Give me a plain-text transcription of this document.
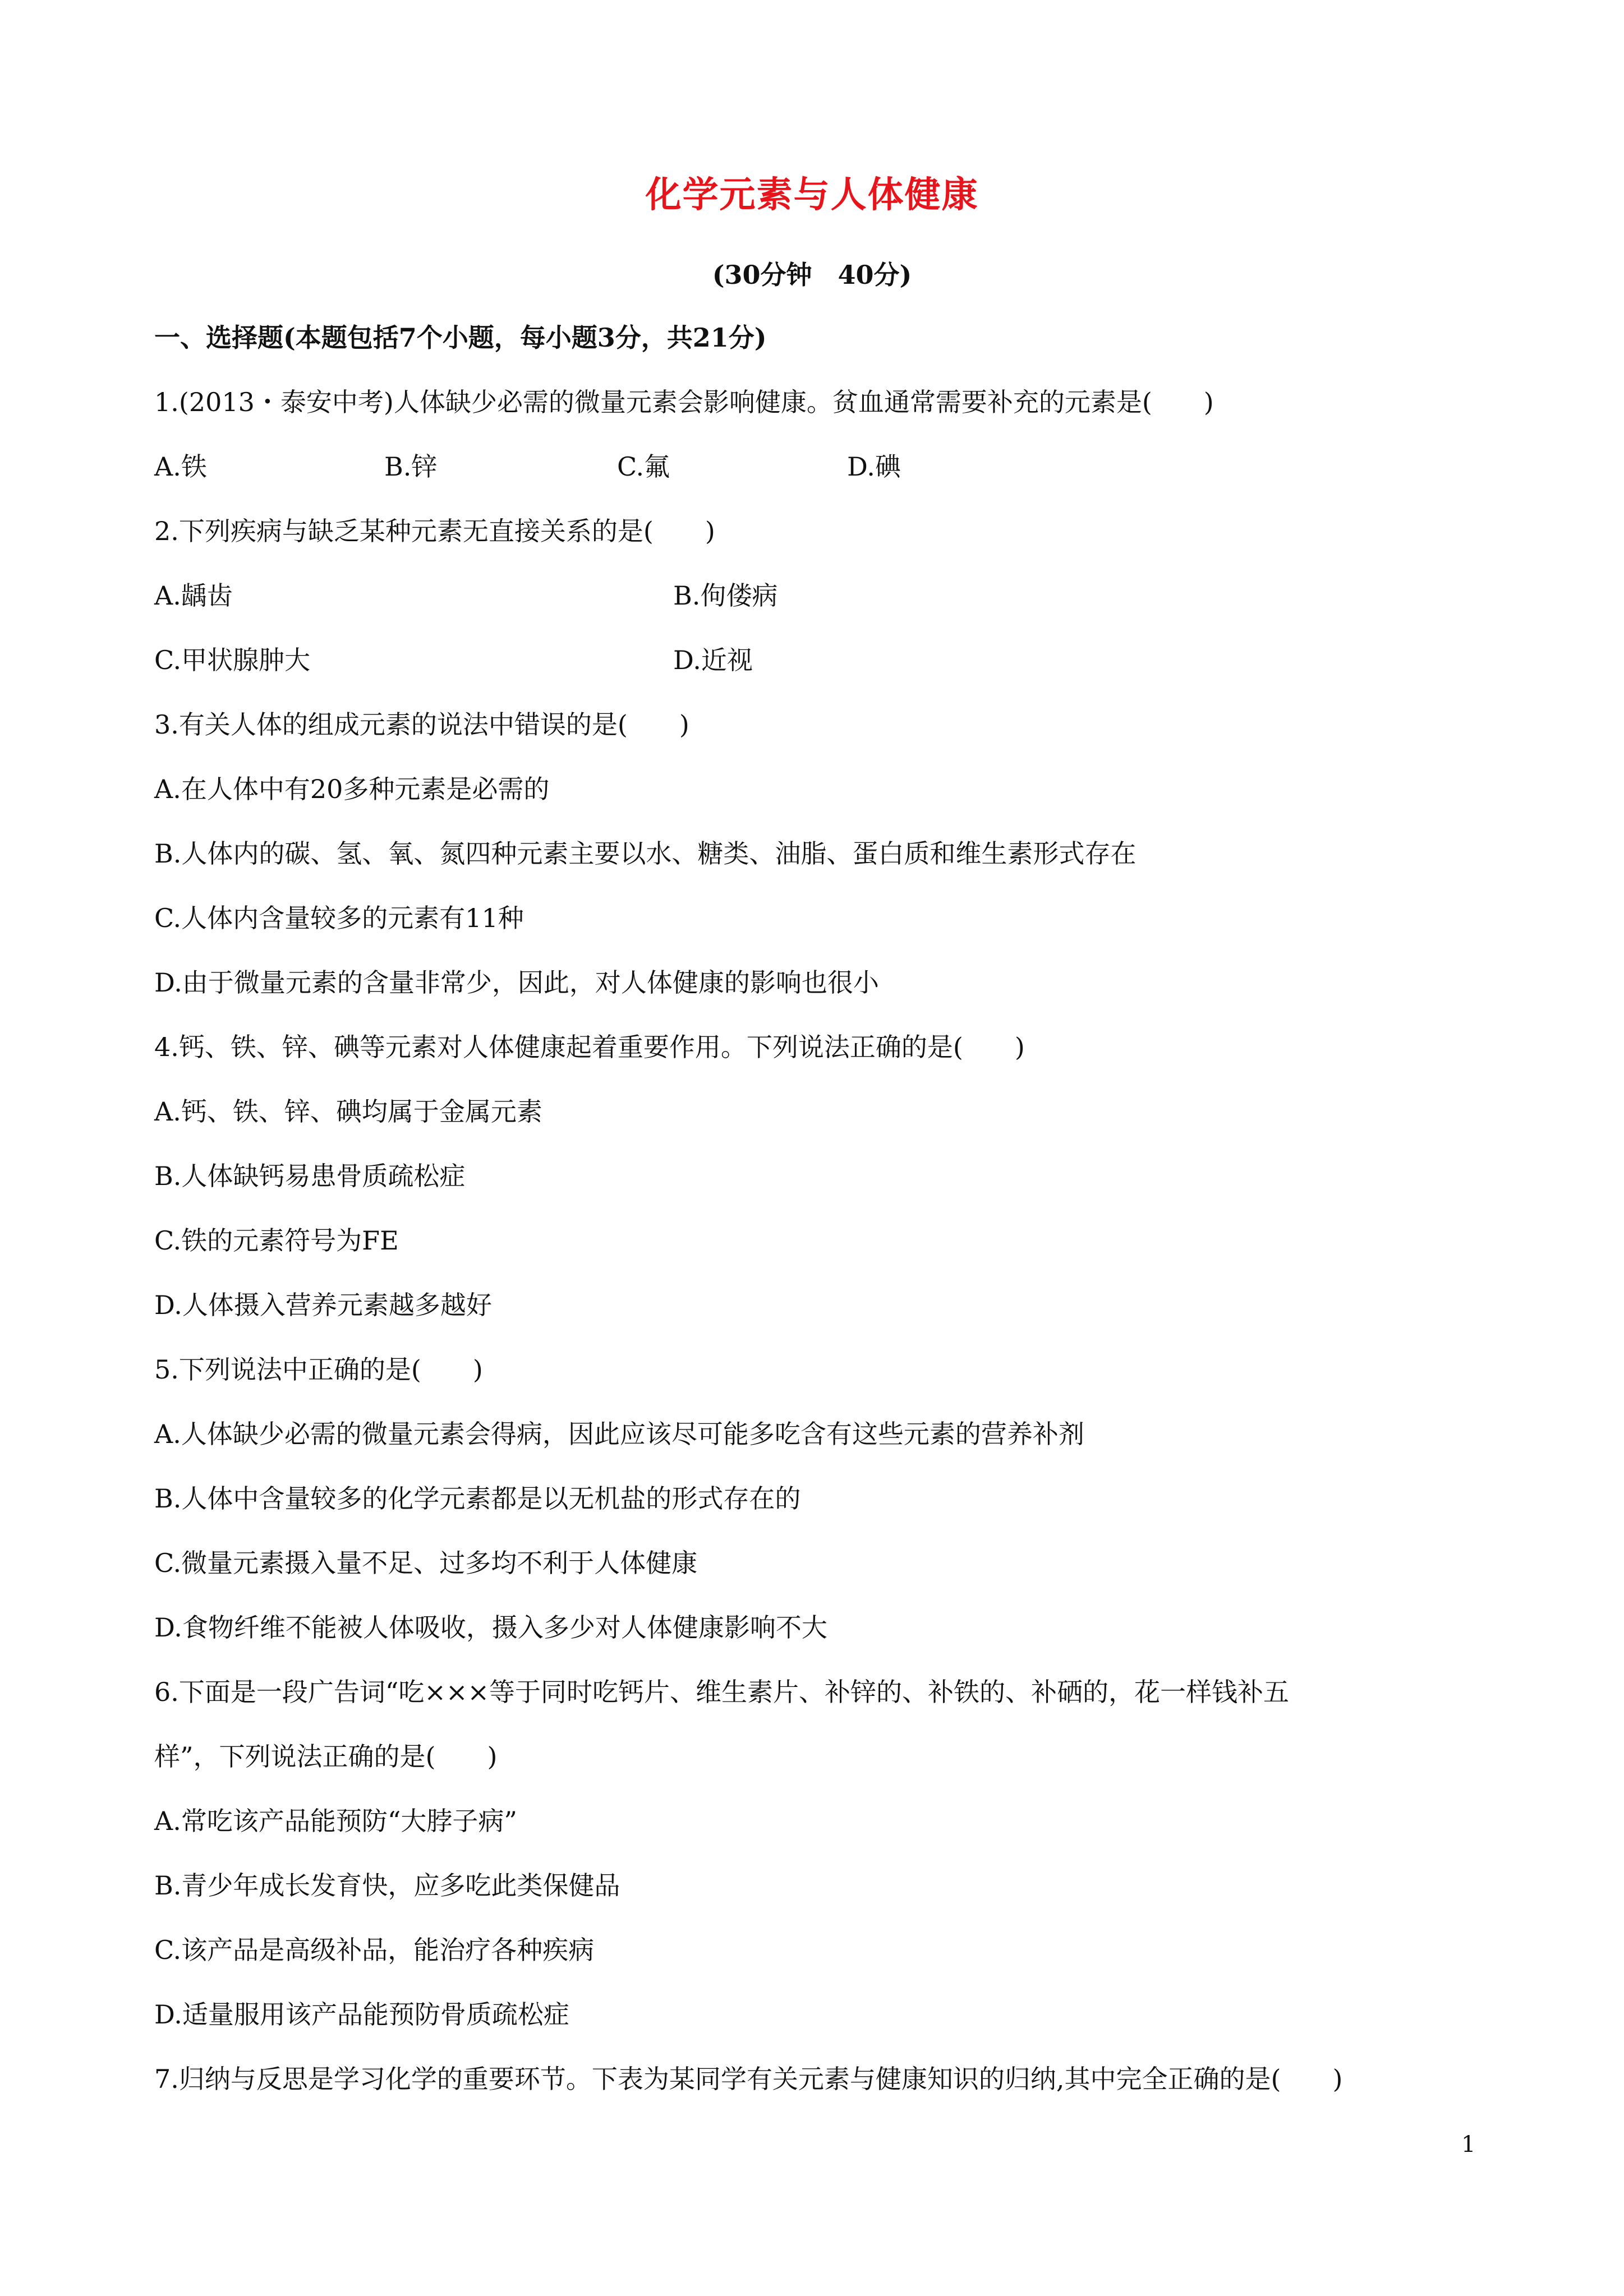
化学元素与人体健康
(30分钟　40分)
一、选择题(本题包括7个小题，每小题3分，共21分)
1.(2013・泰安中考)人体缺少必需的微量元素会影响健康。贫血通常需要补充的元素是(　　)
A.铁	B.锌	C.氟	D.碘
2.下列疾病与缺乏某种元素无直接关系的是(　　)
A.龋齿	B.佝偻病
C.甲状腺肿大	D.近视
3.有关人体的组成元素的说法中错误的是(　　)
A.在人体中有20多种元素是必需的
B.人体内的碳、氢、氧、氮四种元素主要以水、糖类、油脂、蛋白质和维生素形式存在
C.人体内含量较多的元素有11种
D.由于微量元素的含量非常少，因此，对人体健康的影响也很小
4.钙、铁、锌、碘等元素对人体健康起着重要作用。下列说法正确的是(　　)
A.钙、铁、锌、碘均属于金属元素
B.人体缺钙易患骨质疏松症
C.铁的元素符号为FE
D.人体摄入营养元素越多越好
5.下列说法中正确的是(　　)
A.人体缺少必需的微量元素会得病，因此应该尽可能多吃含有这些元素的营养补剂
B.人体中含量较多的化学元素都是以无机盐的形式存在的
C.微量元素摄入量不足、过多均不利于人体健康
D.食物纤维不能被人体吸收，摄入多少对人体健康影响不大
6.下面是一段广告词“吃×××等于同时吃钙片、维生素片、补锌的、补铁的、补硒的，花一样钱补五
样”，下列说法正确的是(　　)
A.常吃该产品能预防“大脖子病”
B.青少年成长发育快，应多吃此类保健品
C.该产品是高级补品，能治疗各种疾病
D.适量服用该产品能预防骨质疏松症
7.归纳与反思是学习化学的重要环节。下表为某同学有关元素与健康知识的归纳,其中完全正确的是(　　)
1
